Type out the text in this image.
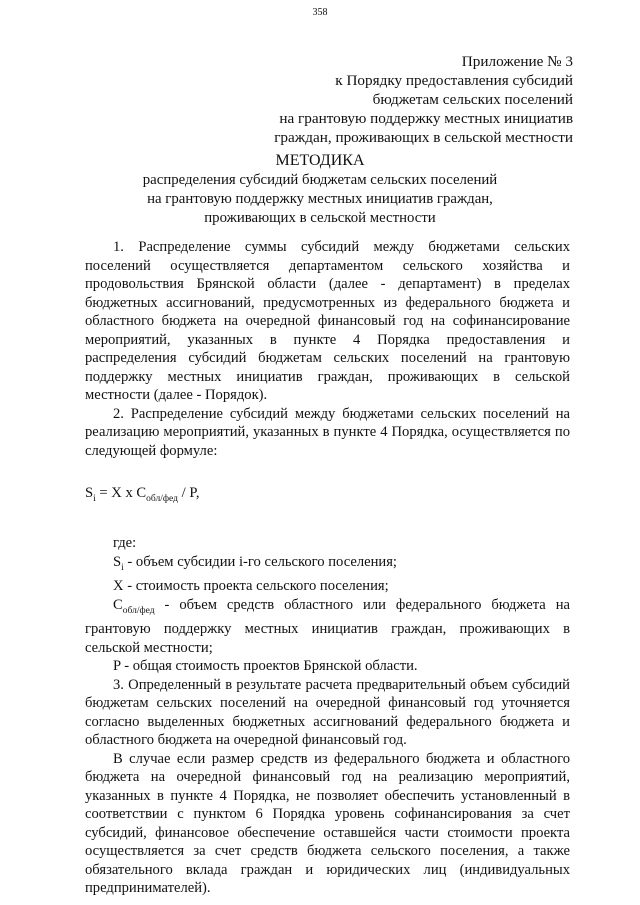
358
Приложение № 3
к Порядку предоставления субсидий
бюджетам сельских поселений
на грантовую поддержку местных инициатив
граждан, проживающих в сельской местности
МЕТОДИКА
распределения субсидий бюджетам сельских поселений
на грантовую поддержку местных инициатив граждан,
проживающих в сельской местности

1. Распределение суммы субсидий между бюджетами сельских поселений осуществляется департаментом сельского хозяйства и продовольствия Брянской области (далее - департамент) в пределах бюджетных ассигнований, предусмотренных из федерального бюджета и областного бюджета на очередной финансовый год на софинансирование мероприятий, указанных в пункте 4 Порядка предоставления и распределения субсидий бюджетам сельских поселений на грантовую поддержку местных инициатив граждан, проживающих в сельской местности (далее - Порядок).

2. Распределение субсидий между бюджетами сельских поселений на реализацию мероприятий, указанных в пункте 4 Порядка, осуществляется по следующей формуле:

$S_i = X$ x $C_{обл/фед}$ / P,

где:

$S_i$ - объем субсидии i-го сельского поселения;

X - стоимость проекта сельского поселения;

$C_{обл/фед}$ - объем средств областного или федерального бюджета на грантовую поддержку местных инициатив граждан, проживающих в сельской местности;

P - общая стоимость проектов Брянской области.

3. Определенный в результате расчета предварительный объем субсидий бюджетам сельских поселений на очередной финансовый год уточняется согласно выделенных бюджетных ассигнований федерального бюджета и областного бюджета на очередной финансовый год.

В случае если размер средств из федерального бюджета и областного бюджета на очередной финансовый год на реализацию мероприятий, указанных в пункте 4 Порядка, не позволяет обеспечить установленный в соответствии с пунктом 6 Порядка уровень софинансирования за счет субсидий, финансовое обеспечение оставшейся части стоимости проекта осуществляется за счет средств бюджета сельского поселения, а также обязательного вклада граждан и юридических лиц (индивидуальных предпринимателей).
